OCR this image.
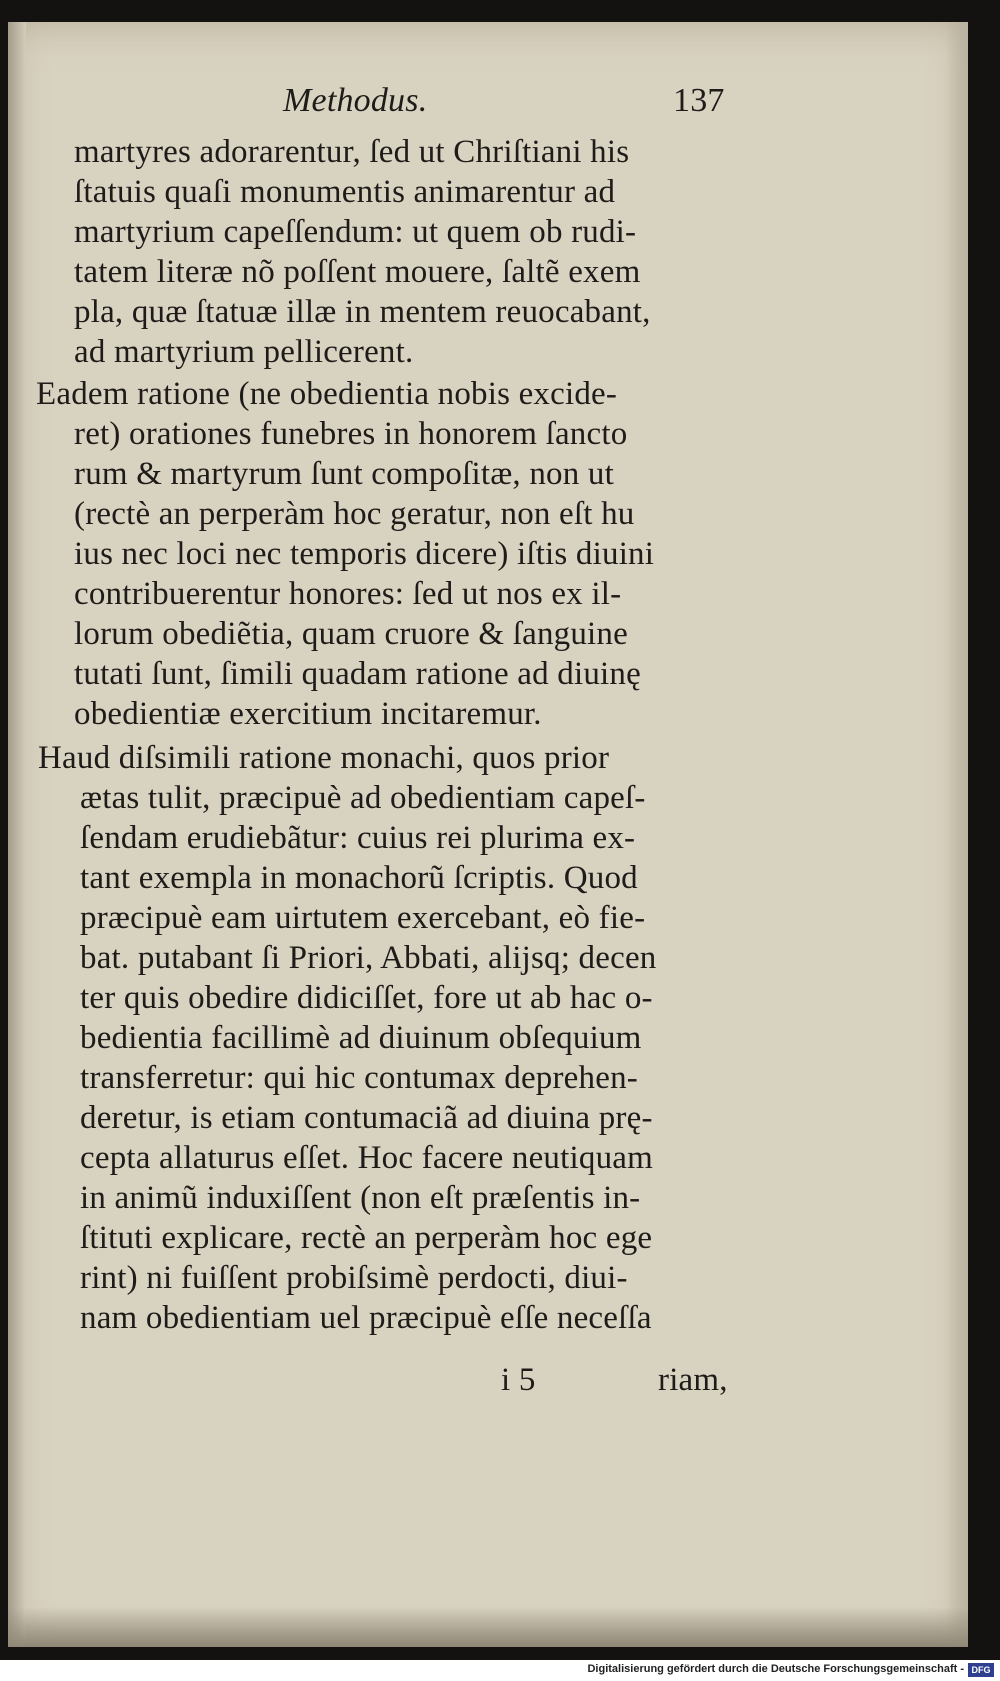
Methodus.	137
martyres adorarentur, ſed ut Chriſtiani his
ſtatuis quaſi monumentis animarentur ad
martyrium capeſſendum: ut quem ob rudi-
tatem literæ nõ poſſent mouere, ſaltẽ exem
pla, quæ ſtatuæ illæ in mentem reuocabant,
ad martyrium pellicerent.
Eadem ratione (ne obedientia nobis excide-
ret) orationes funebres in honorem ſancto
rum & martyrum ſunt compoſitæ, non ut
(rectè an perperàm hoc geratur, non eſt hu
ius nec loci nec temporis dicere) iſtis diuini
contribuerentur honores: ſed ut nos ex il-
lorum obediẽtia, quam cruore & ſanguine
tutati ſunt, ſimili quadam ratione ad diuinę
obedientiæ exercitium incitaremur.
Haud diſsimili ratione monachi, quos prior
ætas tulit, præcipuè ad obedientiam capeſ-
ſendam erudiebãtur: cuius rei plurima ex-
tant exempla in monachorũ ſcriptis. Quod
præcipuè eam uirtutem exercebant, eò fie-
bat. putabant ſi Priori, Abbati, alijsq; decen
ter quis obedire didiciſſet, fore ut ab hac o-
bedientia facillimè ad diuinum obſequium
transferretur: qui hic contumax deprehen-
deretur, is etiam contumaciã ad diuina prę-
cepta allaturus eſſet. Hoc facere neutiquam
in animũ induxiſſent (non eſt præſentis in-
ſtituti explicare, rectè an perperàm hoc ege
rint) ni fuiſſent probiſsimè perdocti, diui-
nam obedientiam uel præcipuè eſſe neceſſa
i 5	riam,
Digitalisierung gefördert durch die Deutsche Forschungsgemeinschaft - DFG
